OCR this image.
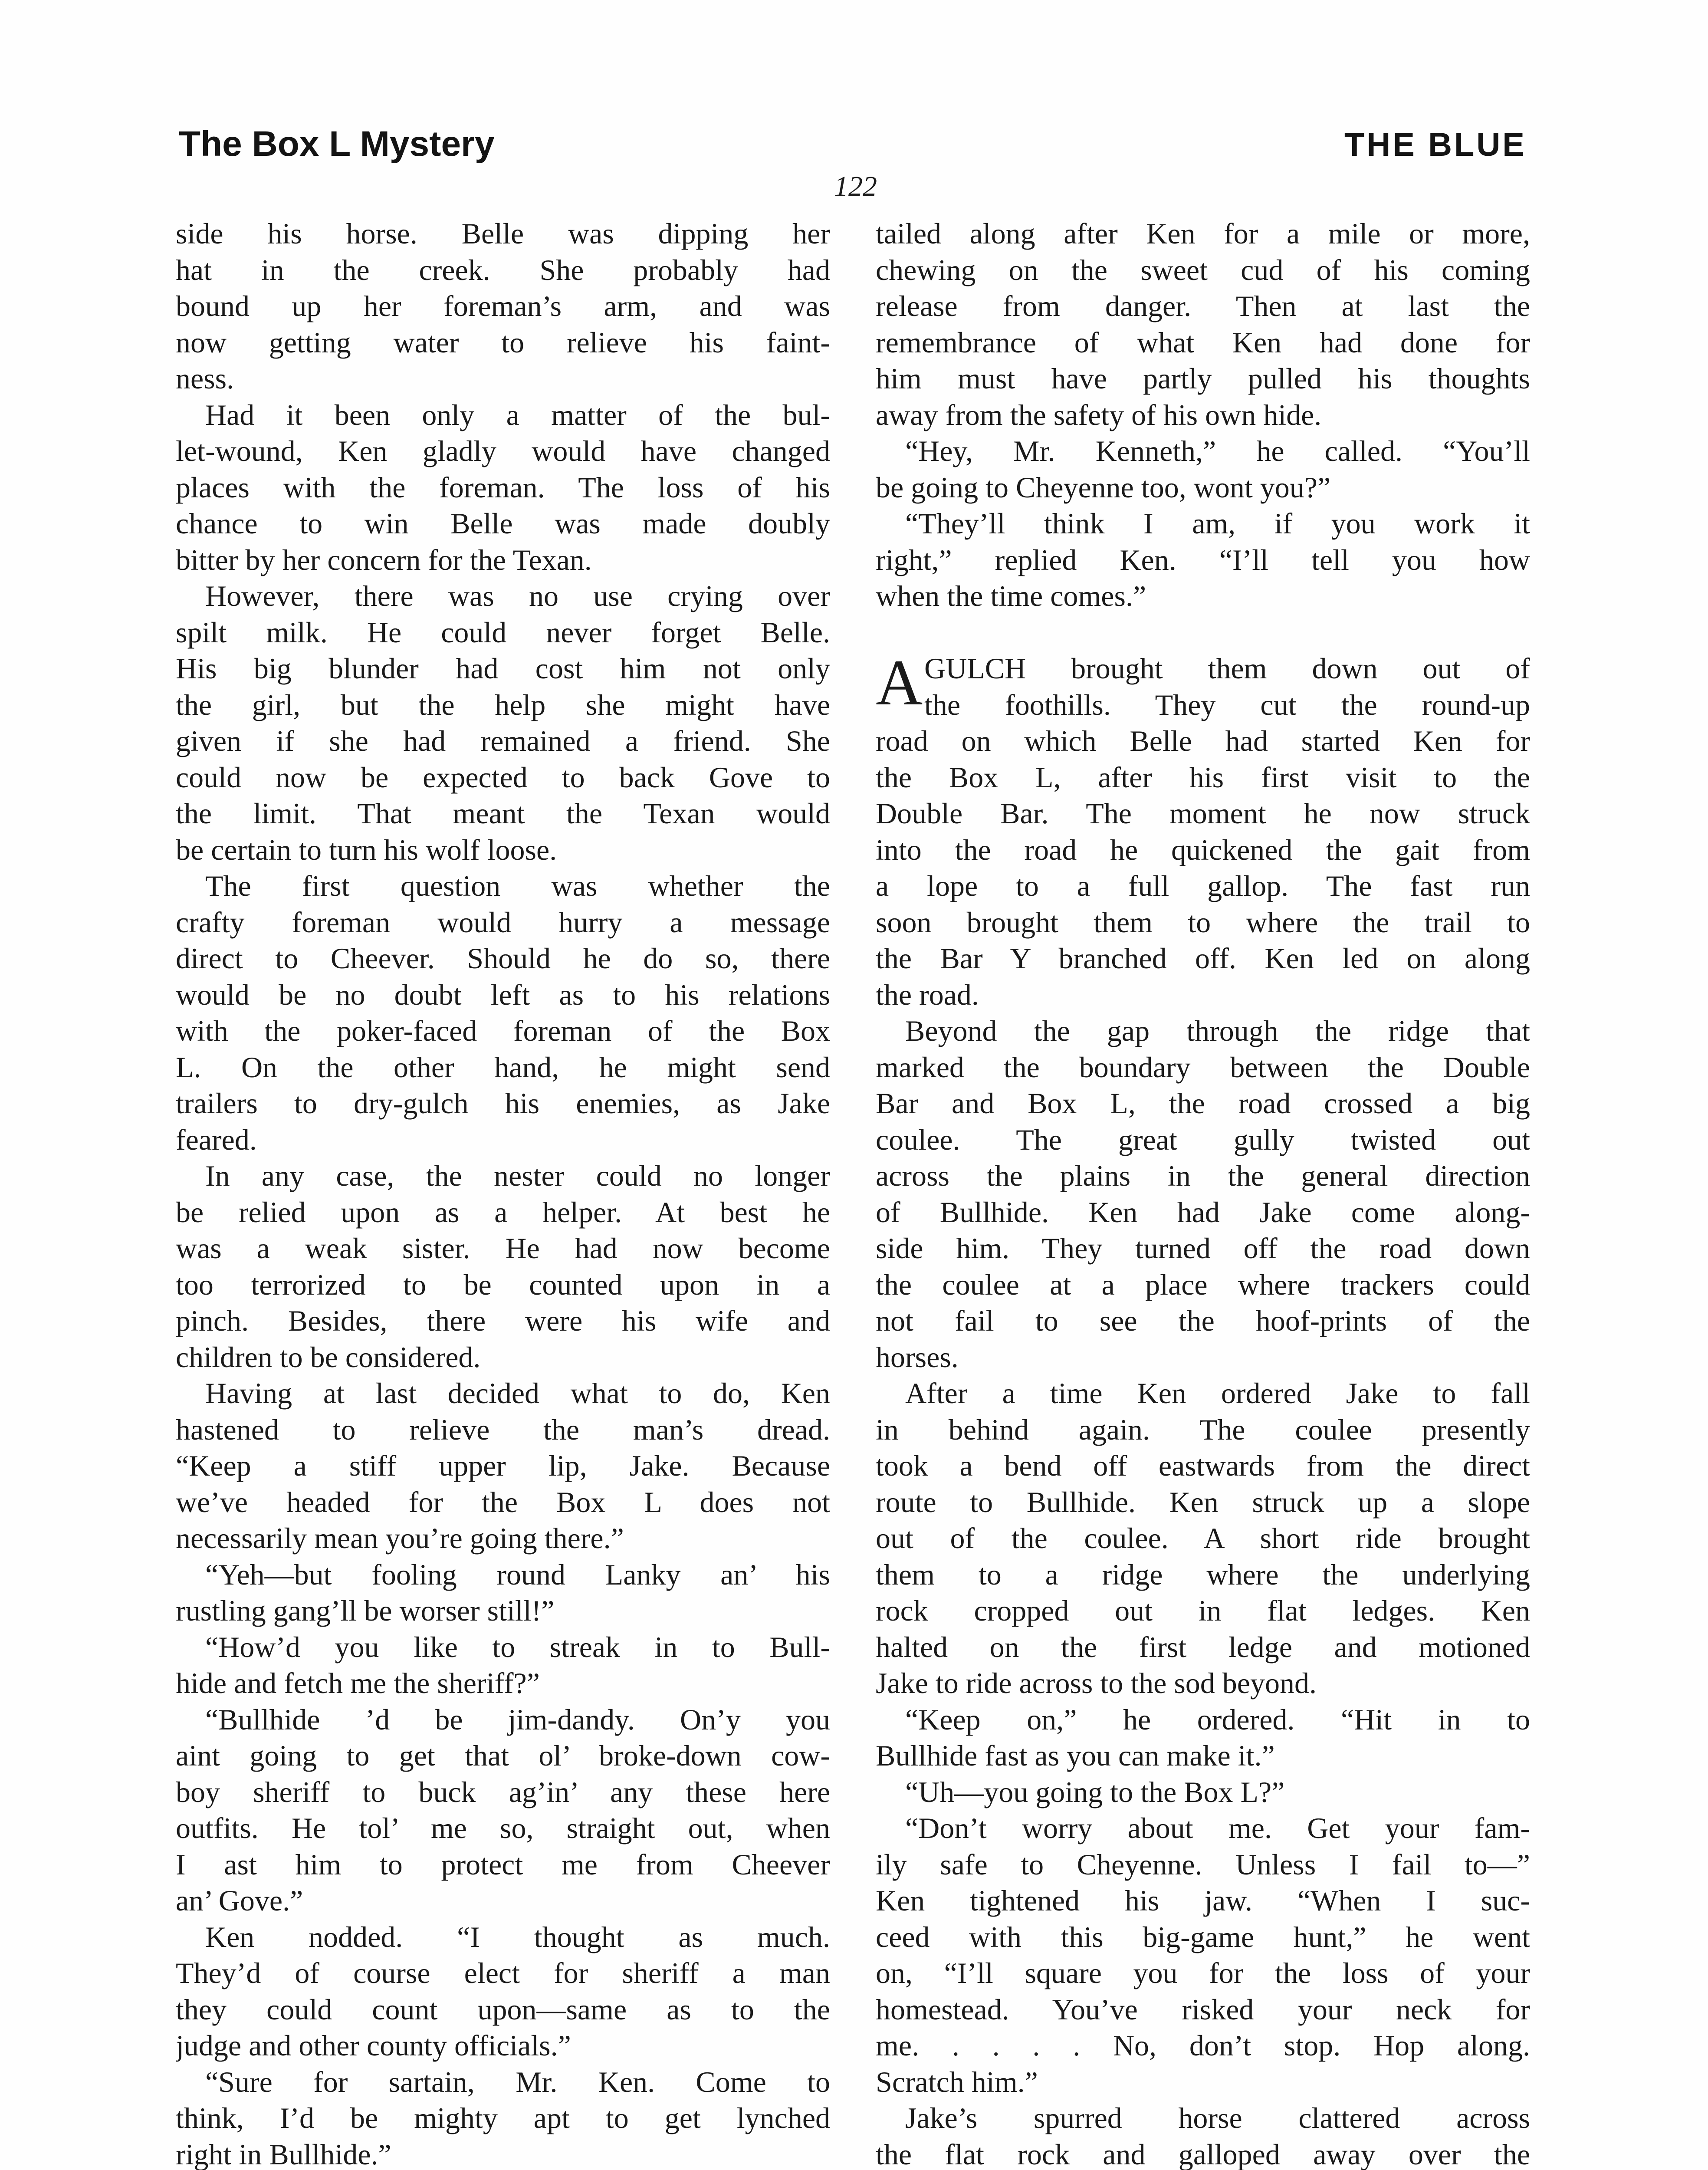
The Box L Mystery	THE BLUE
122
side his horse. Belle was dipping her
hat in the creek. She probably had
bound up her foreman’s arm, and was
now getting water to relieve his faint-
ness.
Had it been only a matter of the bul-
let-wound, Ken gladly would have changed
places with the foreman. The loss of his
chance to win Belle was made doubly
bitter by her concern for the Texan.
However, there was no use crying over
spilt milk. He could never forget Belle.
His big blunder had cost him not only
the girl, but the help she might have
given if she had remained a friend. She
could now be expected to back Gove to
the limit. That meant the Texan would
be certain to turn his wolf loose.
The first question was whether the
crafty foreman would hurry a message
direct to Cheever. Should he do so, there
would be no doubt left as to his relations
with the poker-faced foreman of the Box
L. On the other hand, he might send
trailers to dry-gulch his enemies, as Jake
feared.
In any case, the nester could no longer
be relied upon as a helper. At best he
was a weak sister. He had now become
too terrorized to be counted upon in a
pinch. Besides, there were his wife and
children to be considered.
Having at last decided what to do, Ken
hastened to relieve the man’s dread.
“Keep a stiff upper lip, Jake. Because
we’ve headed for the Box L does not
necessarily mean you’re going there.”
“Yeh—but fooling round Lanky an’ his
rustling gang’ll be worser still!”
“How’d you like to streak in to Bull-
hide and fetch me the sheriff?”
“Bullhide ’d be jim-dandy. On’y you
aint going to get that ol’ broke-down cow-
boy sheriff to buck ag’in’ any these here
outfits. He tol’ me so, straight out, when
I ast him to protect me from Cheever
an’ Gove.”
Ken nodded. “I thought as much.
They’d of course elect for sheriff a man
they could count upon—same as to the
judge and other county officials.”
“Sure for sartain, Mr. Ken. Come to
think, I’d be mighty apt to get lynched
right in Bullhide.”
tailed along after Ken for a mile or more,
chewing on the sweet cud of his coming
release from danger. Then at last the
remembrance of what Ken had done for
him must have partly pulled his thoughts
away from the safety of his own hide.
“Hey, Mr. Kenneth,” he called. “You’ll
be going to Cheyenne too, wont you?”
“They’ll think I am, if you work it
right,” replied Ken. “I’ll tell you how
when the time comes.”
GULCH brought them down out of
the foothills. They cut the round-up
road on which Belle had started Ken for
the Box L, after his first visit to the
Double Bar. The moment he now struck
into the road he quickened the gait from
a lope to a full gallop. The fast run
soon brought them to where the trail to
the Bar Y branched off. Ken led on along
the road.
Beyond the gap through the ridge that
marked the boundary between the Double
Bar and Box L, the road crossed a big
coulee. The great gully twisted out
across the plains in the general direction
of Bullhide. Ken had Jake come along-
side him. They turned off the road down
the coulee at a place where trackers could
not fail to see the hoof-prints of the
horses.
After a time Ken ordered Jake to fall
in behind again. The coulee presently
took a bend off eastwards from the direct
route to Bullhide. Ken struck up a slope
out of the coulee. A short ride brought
them to a ridge where the underlying
rock cropped out in flat ledges. Ken
halted on the first ledge and motioned
Jake to ride across to the sod beyond.
“Keep on,” he ordered. “Hit in to
Bullhide fast as you can make it.”
“Uh—you going to the Box L?”
“Don’t worry about me. Get your fam-
ily safe to Cheyenne. Unless I fail to—”
Ken tightened his jaw. “When I suc-
ceed with this big-game hunt,” he went
on, “I’ll square you for the loss of your
homestead. You’ve risked your neck for
me. . . . . No, don’t stop. Hop along.
Scratch him.”
Jake’s spurred horse clattered across
the flat rock and galloped away over the
A
